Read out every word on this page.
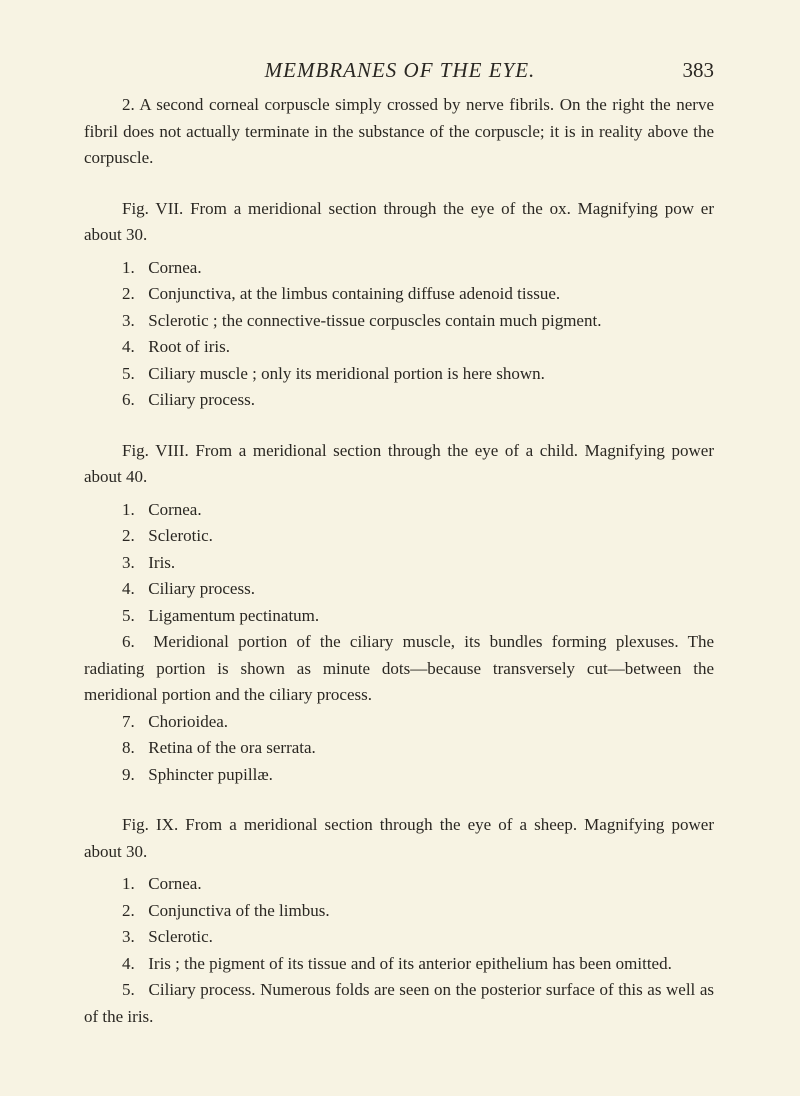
MEMBRANES OF THE EYE.	383

2. A second corneal corpuscle simply crossed by nerve fibrils. On the right the nerve fibril does not actually terminate in the substance of the corpuscle; it is in reality above the corpuscle.

Fig. VII. From a meridional section through the eye of the ox. Magnifying pow er about 30.

1. Cornea.

2. Conjunctiva, at the limbus containing diffuse adenoid tissue.

3. Sclerotic ; the connective-tissue corpuscles contain much pigment.

4. Root of iris.

5. Ciliary muscle ; only its meridional portion is here shown.

6. Ciliary process.

Fig. VIII. From a meridional section through the eye of a child. Magnifying power about 40.

1. Cornea.

2. Sclerotic.

3. Iris.

4. Ciliary process.

5. Ligamentum pectinatum.

6. Meridional portion of the ciliary muscle, its bundles forming plexuses. The radiating portion is shown as minute dots—because transversely cut—between the meridional portion and the ciliary process.

7. Chorioidea.

8. Retina of the ora serrata.

9. Sphincter pupillæ.

Fig. IX. From a meridional section through the eye of a sheep. Magnifying power about 30.

1. Cornea.

2. Conjunctiva of the limbus.

3. Sclerotic.

4. Iris ; the pigment of its tissue and of its anterior epithelium has been omitted.

5. Ciliary process. Numerous folds are seen on the posterior surface of this as well as of the iris.
